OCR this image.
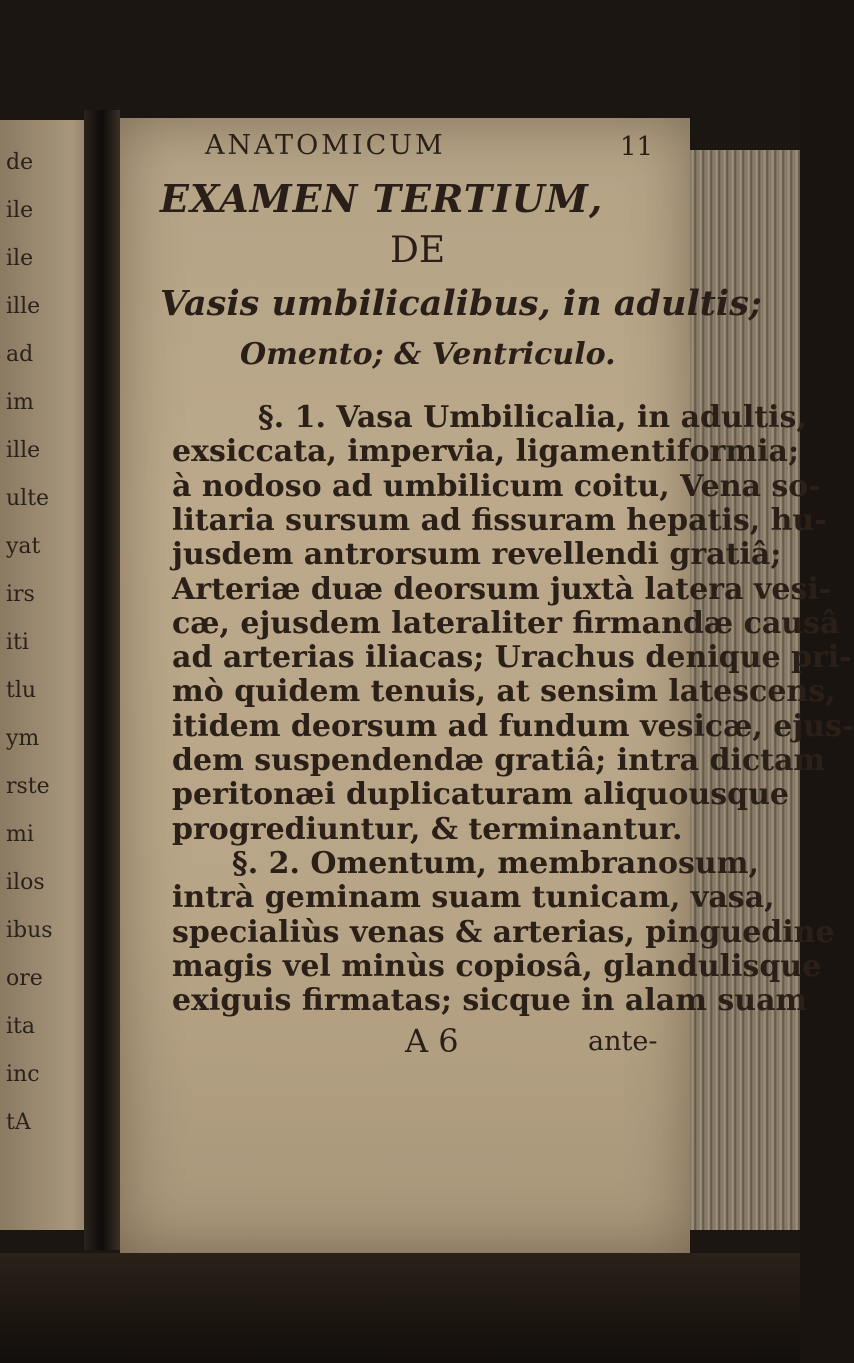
de
ile
ile
ille
ad
im
ille
ulte
yat
irs
iti
tlu
ym
rste
mi
ilos
ibus
ore
ita
inc
tA
ANATOMICUM	11
EXAMEN TERTIUM,
DE
Vasis umbilicalibus, in adultis;
Omento; & Ventriculo.
§. 1. Vasa Umbilicalia, in adultis,
exsiccata, impervia, ligamentiformia;
à nodoso ad umbilicum coitu, Vena so-
litaria sursum ad fissuram hepatis, hu-
jusdem antrorsum revellendi gratiâ;
Arteriæ duæ deorsum juxtà latera vesi-
cæ, ejusdem lateraliter firmandæ causâ
ad arterias iliacas; Urachus denique pri-
mò quidem tenuis, at sensim latescens,
itidem deorsum ad fundum vesicæ, ejus-
dem suspendendæ gratiâ; intra dictam
peritonæi duplicaturam aliquousque
progrediuntur, & terminantur.
§. 2. Omentum, membranosum,
intrà geminam suam tunicam, vasa,
specialiùs venas & arterias, pinguedine
magis vel minùs copiosâ, glandulisque
exiguis firmatas; sicque in alam suam
A 6	ante-
